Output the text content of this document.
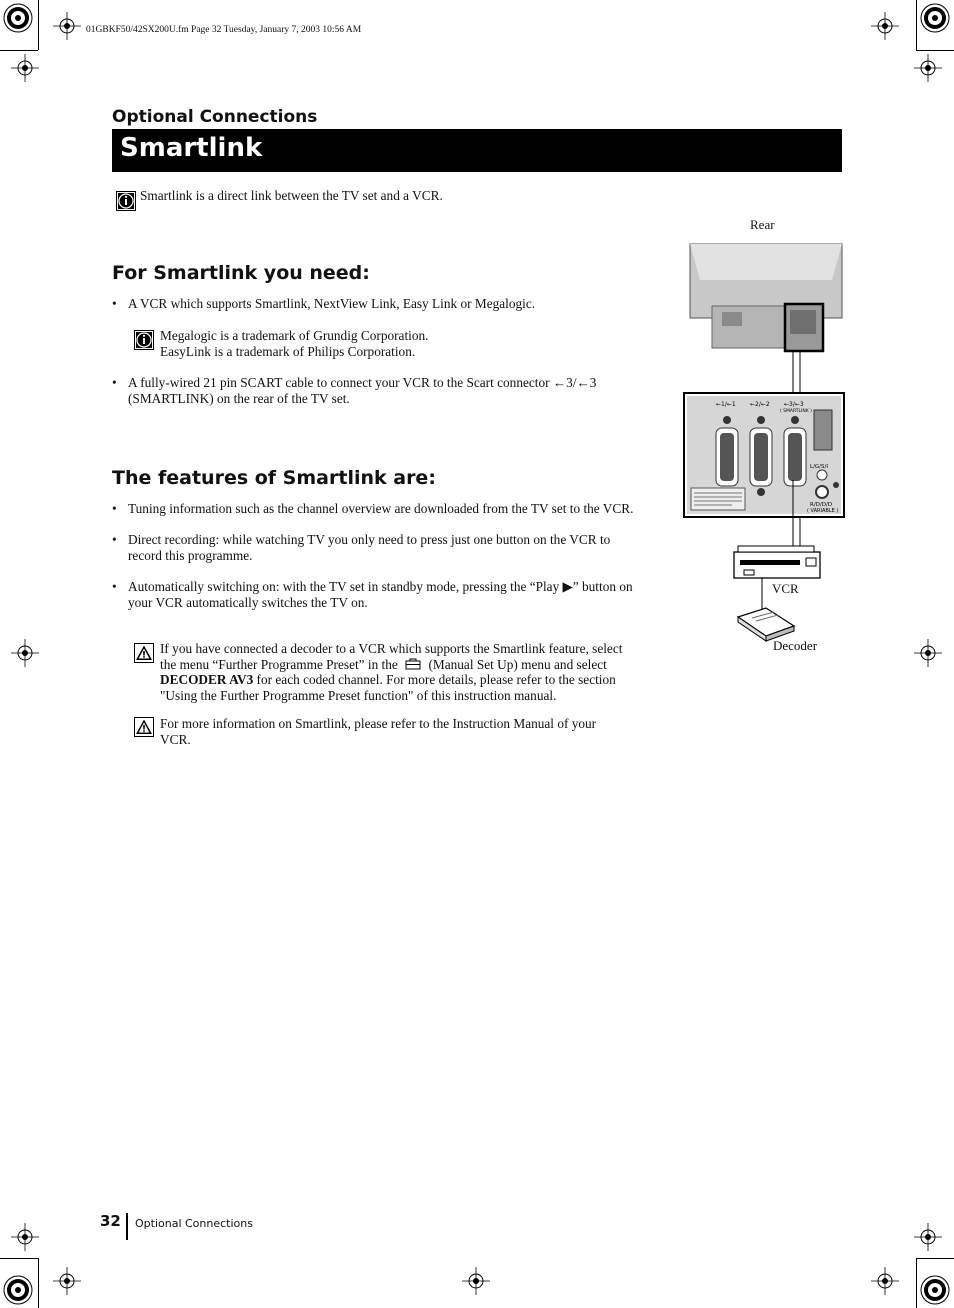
01GBKF50/42SX200U.fm Page 32 Tuesday, January 7, 2003 10:56 AM
Optional Connections
Smartlink
Smartlink is a direct link between the TV set and a VCR.
For Smartlink you need:
• A VCR which supports Smartlink, NextView Link, Easy Link or Megalogic.
Megalogic is a trademark of Grundig Corporation.
EasyLink is a trademark of Philips Corporation.
• A fully-wired 21 pin SCART cable to connect your VCR to the Scart connector ←3/←3
(SMARTLINK) on the rear of the TV set.
The features of Smartlink are:
• Tuning information such as the channel overview are downloaded from the TV set to the VCR.
• Direct recording: while watching TV you only need to press just one button on the VCR to
record this programme.
• Automatically switching on: with the TV set in standby mode, pressing the “Play ▶” button on
your VCR automatically switches the TV on.
If you have connected a decoder to a VCR which supports the Smartlink feature, select
the menu “Further Programme Preset” in the (Manual Set Up) menu and select
DECODER AV3 for each coded channel. For more details, please refer to the section
"Using the Further Programme Preset function" of this instruction manual.
For more information on Smartlink, please refer to the Instruction Manual of your
VCR.
Rear
←1/←1 ←2/←2 ←3/←3
( SMARTLINK )
L/G/S/I
R/D/D/D
( VARIABLE )
VCR
Decoder
32 Optional Connections
